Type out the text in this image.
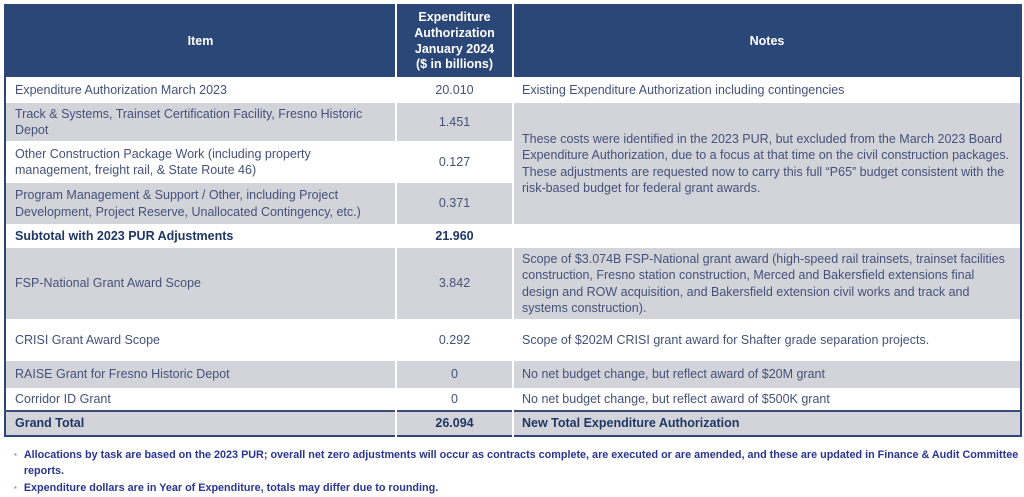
Item	Expenditure
Authorization
January 2024
($ in billions)	Notes
Expenditure Authorization March 2023	20.010	Existing Expenditure Authorization including contingencies
Track & Systems, Trainset Certification Facility, Fresno Historic Depot	1.451	These costs were identified in the 2023 PUR, but excluded from the March 2023 Board Expenditure Authorization, due to a focus at that time on the civil construction packages. These adjustments are requested now to carry this full “P65” budget consistent with the risk-based budget for federal grant awards.
Other Construction Package Work (including property management, freight rail, & State Route 46)	0.127	
Program Management & Support / Other, including Project Development, Project Reserve, Unallocated Contingency, etc.)	0.371	
Subtotal with 2023 PUR Adjustments	21.960	
FSP-National Grant Award Scope	3.842	Scope of $3.074B FSP-National grant award (high-speed rail trainsets, trainset facilities construction, Fresno station construction, Merced and Bakersfield extensions final design and ROW acquisition, and Bakersfield extension civil works and track and systems construction).
CRISI Grant Award Scope	0.292	Scope of $202M CRISI grant award for Shafter grade separation projects.
RAISE Grant for Fresno Historic Depot	0	No net budget change, but reflect award of $20M grant
Corridor ID Grant	0	No net budget change, but reflect award of $500K grant
Grand Total	26.094	New Total Expenditure Authorization
▪ Allocations by task are based on the 2023 PUR; overall net zero adjustments will occur as contracts complete, are executed or are amended, and these are updated in Finance & Audit Committee reports.
▪ Expenditure dollars are in Year of Expenditure, totals may differ due to rounding.
